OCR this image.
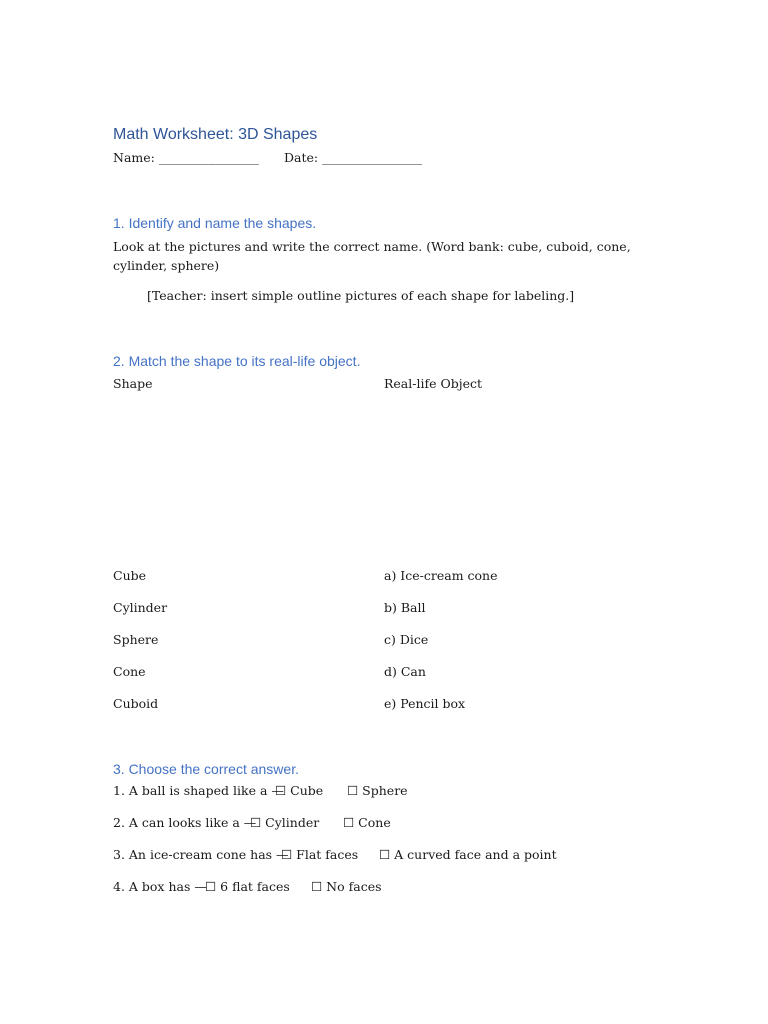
Math Worksheet: 3D Shapes
Name: ________________ Date: ________________
1. Identify and name the shapes.
Look at the pictures and write the correct name. (Word bank: cube, cuboid, cone, cylinder, sphere)
[Teacher: insert simple outline pictures of each shape for labeling.]
2. Match the shape to its real-life object.
Shape	Real-life Object
Cube	a) Ice-cream cone
Cylinder	b) Ball
Sphere	c) Dice
Cone	d) Can
Cuboid	e) Pencil box
3. Choose the correct answer.
1. A ball is shaped like a —
☐ Cube ☐ Sphere
2. A can looks like a —
☐ Cylinder ☐ Cone
3. An ice-cream cone has —
☐ Flat faces ☐ A curved face and a point
4. A box has —
☐ 6 flat faces ☐ No faces
